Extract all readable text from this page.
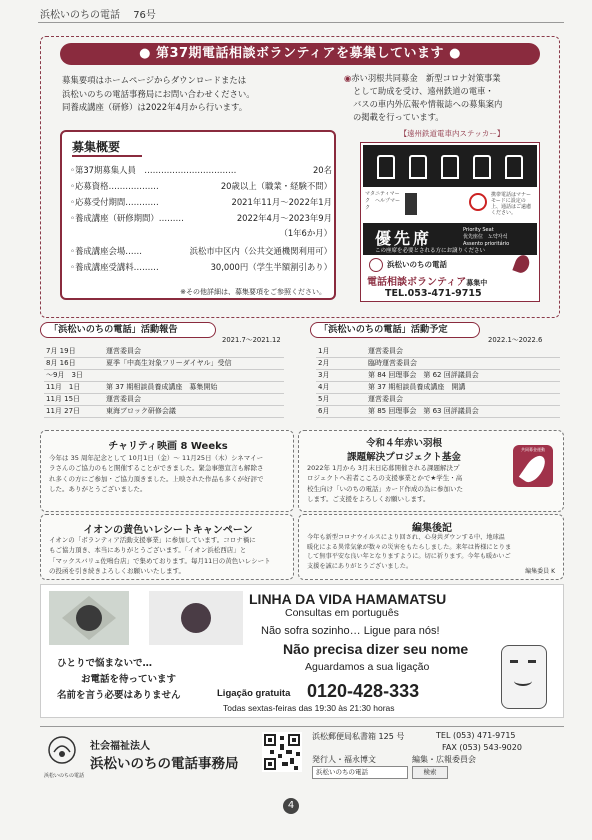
浜松いのちの電話 76号
● 第37期電話相談ボランティアを募集しています ●
募集要項はホームページからダウンロードまたは
浜松いのちの電話事務局にお問い合わせください。
同養成講座（研修）は2022年4月から行います。
募集概要
◦第37期募集人員　……………………………	20名
◦応募資格………………	20歳以上（職業・経験不問）
◦応募受付期間…………	2021年11月〜2022年1月
◦養成講座（研修期間）………	2022年4月〜2023年9月
（1年6か月）
◦養成講座会場……	浜松市中区内（公共交通機関利用可）
◦養成講座受講料………	30,000円（学生半額割引あり）
※その他詳細は、募集要項をご参照ください。
◉赤い羽根共同募金　新型コロナ対策事業
として助成を受け、遠州鉄道の電車・
バスの車内外広報や情報誌への募集案内
の掲載を行っています。
【遠州鉄道電車内ステッカー】
マタニティマーク　ヘルプマーク
携帯電話はマナーモードに設定の上、通話はご遠慮ください。
優先席	Priority Seat
优先座位　노약자석
Assento prioritário
この座席を必要とされる方にお譲りください
浜松いのちの電話
電話相談ボランティア募集中
TEL.053-471-9715
「浜松いのちの電話」活動報告
2021.7〜2021.12
7月 19日	運営委員会
8月 16日	夏季「中高生対象フリーダイヤル」受信
〜9月　3日
11月　1日	第 37 期相談員養成講座　募集開始
11月 15日	運営委員会
11月 27日	東海ブロック研修会議
「浜松いのちの電話」活動予定
2022.1〜2022.6
1月	運営委員会
2月	臨時運営委員会
3月	第 84 回理事会　第 62 回評議員会
4月	第 37 期相談員養成講座　開講
5月	運営委員会
6月	第 85 回理事会　第 63 回評議員会
チャリティ映画 8 Weeks
今年は 35 周年記念として 10月1日（金）〜 11月25日（木）シネマイー
ラさんのご協力のもと開催することができました。緊急事態宣言も解除さ
れ多くの方にご参加・ご協力頂きました。上映された作品も多くが好評で
した。ありがとうございました。
令和４年赤い羽根
課題解決プロジェクト基金
2022年 1月から 3月末日応募開催される課題解決プ
ロジェクトへ若者こころの支援事業とかで★学生・高
校生向け「いのちの電話」カード作成の為に参加いた
します。ご支援をよろしくお願いします。
共同募金運動
イオンの黄色いレシートキャンペーン
イオンの「ボランティア活動支援事業」に参加しています。コロナ禍に
もご協力頂き、本当にありがとうございます。「イオン浜松西店」と
「マックスバリュ佐鳴台店」で集めております。毎月11日の黄色いレシート
の投函を引き続きよろしくお願いいたします。
編集後記
今年も新型コロナウイルスにより回され、心身共ダウンする中、地球温
暖化による異常気象が数々の災害をもたらしました。来年は皆様にとりま
して無事平安な良い年となりますように。切に祈ります。今年も暖かいご
支援を誠にありがとうございました。
編集委員 K
LINHA DA VIDA HAMAMATSU
Consultas em português
Não sofra sozinho… Ligue para nós!
Não precisa dizer seu nome
Aguardamos a sua ligação
ひとりで悩まないで…
お電話を待っています
名前を言う必要はありません	Ligação gratuita 0120-428-333
Todas sextas-feiras das 19:30 às 21:30 horas
浜松いのちの電話
社会福祉法人
浜松いのちの電話事務局
浜松郵便局私書箱 125 号	TEL (053) 471-9715
FAX (053) 543-9020
発行人・福永博文	編集・広報委員会
浜松いのちの電話	検索
4
